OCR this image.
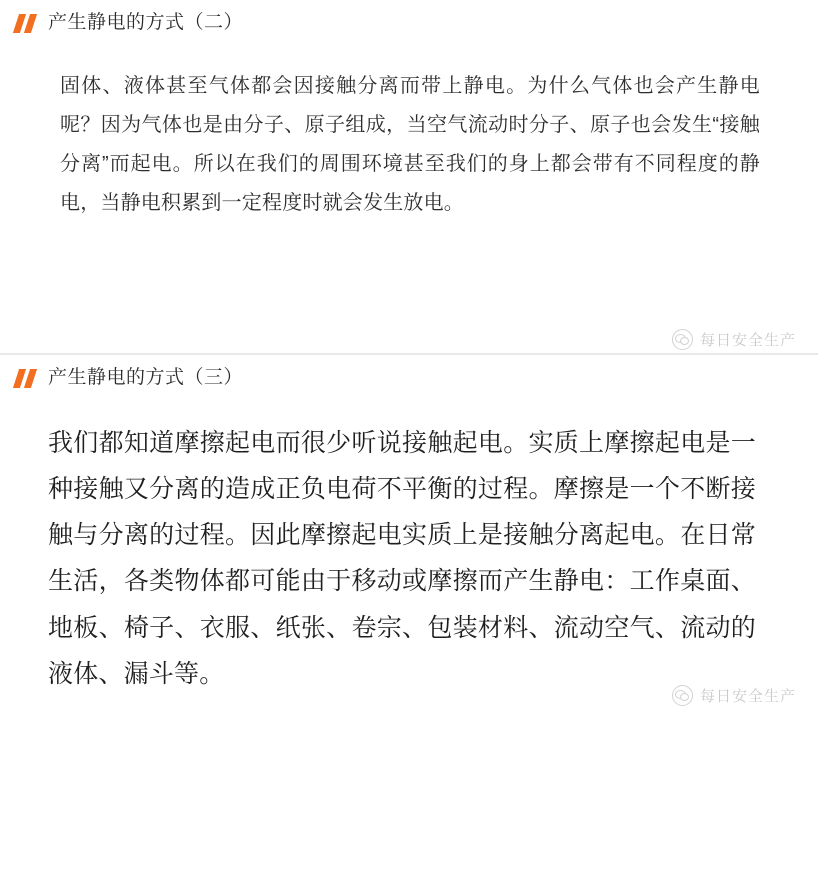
产生静电的方式（二）

固体、液体甚至气体都会因接触分离而带上静电。为什么气体也会产生静电呢？因为气体也是由分子、原子组成，当空气流动时分子、原子也会发生“接触分离”而起电。所以在我们的周围环境甚至我们的身上都会带有不同程度的静电，当静电积累到一定程度时就会发生放电。

每日安全生产
产生静电的方式（三）

我们都知道摩擦起电而很少听说接触起电。实质上摩擦起电是一种接触又分离的造成正负电荷不平衡的过程。摩擦是一个不断接触与分离的过程。因此摩擦起电实质上是接触分离起电。在日常生活，各类物体都可能由于移动或摩擦而产生静电：工作桌面、地板、椅子、衣服、纸张、卷宗、包装材料、流动空气、流动的液体、漏斗等。

每日安全生产
